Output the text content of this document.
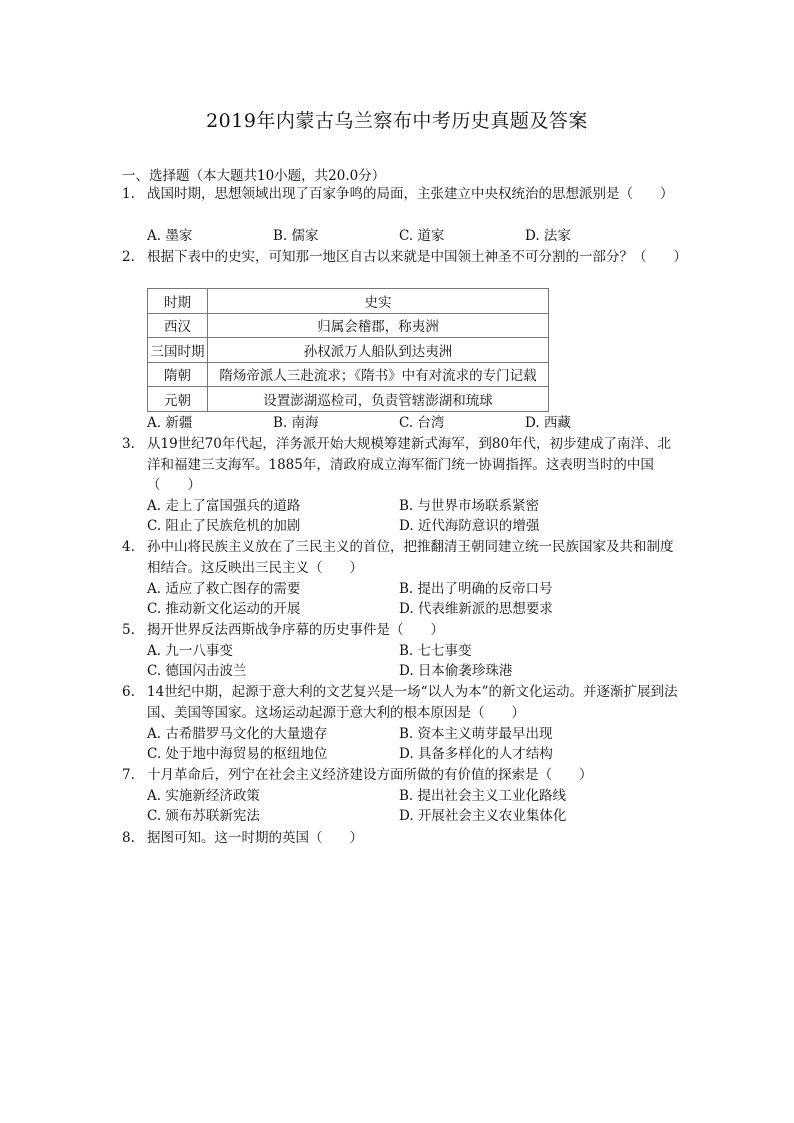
2019年内蒙古乌兰察布中考历史真题及答案
一、选择题（本大题共10小题，共20.0分）
1. 战国时期，思想领域出现了百家争鸣的局面，主张建立中央权统治的思想派别是（　　）
A. 墨家	B. 儒家	C. 道家	D. 法家
2. 根据下表中的史实，可知那一地区自古以来就是中国领土神圣不可分割的一部分？（　　）
时期	史实
西汉	归属会稽郡，称夷洲
三国时期	孙权派万人船队到达夷洲
隋朝	隋炀帝派人三赴流求；《隋书》中有对流求的专门记载
元朝	设置澎湖巡检司，负责管辖澎湖和琉球
A. 新疆	B. 南海	C. 台湾	D. 西藏
3. 从19世纪70年代起，洋务派开始大规模筹建新式海军，到80年代，初步建成了南洋、北洋和福建三支海军。1885年，清政府成立海军衙门统一协调指挥。这表明当时的中国（　　）
A. 走上了富国强兵的道路	B. 与世界市场联系紧密
C. 阻止了民族危机的加剧	D. 近代海防意识的增强
4. 孙中山将民族主义放在了三民主义的首位，把推翻清王朝同建立统一民族国家及共和制度相结合。这反映出三民主义（　　）
A. 适应了救亡图存的需要	B. 提出了明确的反帝口号
C. 推动新文化运动的开展	D. 代表维新派的思想要求
5. 揭开世界反法西斯战争序幕的历史事件是（　　）
A. 九一八事变	B. 七七事变
C. 德国闪击波兰	D. 日本偷袭珍珠港
6. 14世纪中期，起源于意大利的文艺复兴是一场“以人为本”的新文化运动。并逐渐扩展到法国、美国等国家。这场运动起源于意大利的根本原因是（　　）
A. 古希腊罗马文化的大量遗存	B. 资本主义萌芽最早出现
C. 处于地中海贸易的枢纽地位	D. 具备多样化的人才结构
7. 十月革命后，列宁在社会主义经济建设方面所做的有价值的探索是（　　）
A. 实施新经济政策	B. 提出社会主义工业化路线
C. 颁布苏联新宪法	D. 开展社会主义农业集体化
8. 据图可知。这一时期的英国（　　）
